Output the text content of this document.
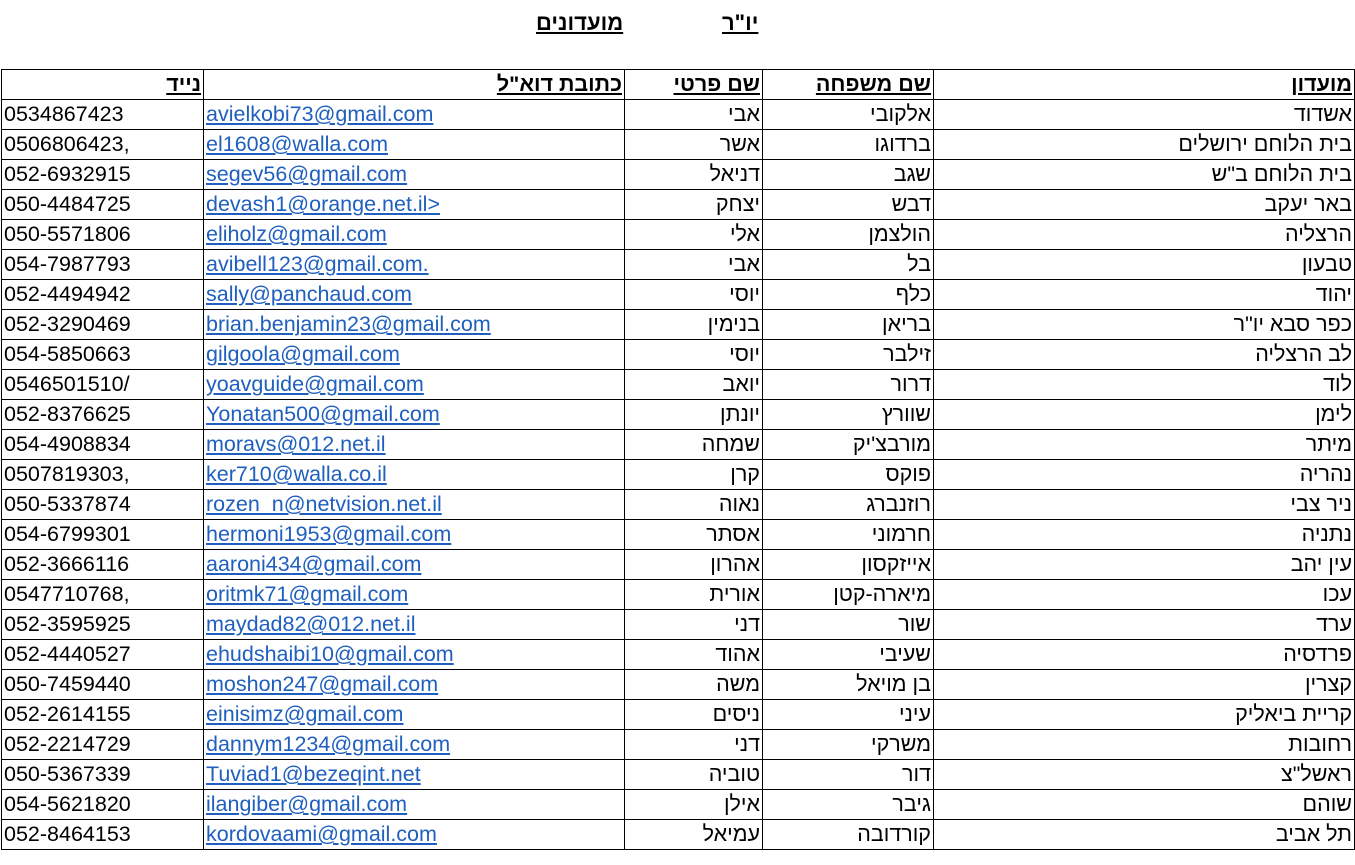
יו"ר
מועדונים
נייד	כתובת דוא"ל	שם פרטי	שם משפחה	מועדון
0534867423	avielkobi73@gmail.com	אבי	אלקובי	אשדוד
0506806423,	el1608@walla.com	אשר	ברדוגו	בית הלוחם ירושלים
052-6932915	segev56@gmail.com	דניאל	שגב	בית הלוחם ב"ש
050-4484725	devash1@orange.net.il>	יצחק	דבש	באר יעקב
050-5571806	eliholz@gmail.com	אלי	הולצמן	הרצליה
054-7987793	avibell123@gmail.com.	אבי	בל	טבעון
052-4494942	sally@panchaud.com	יוסי	כלף	יהוד
052-3290469	brian.benjamin23@gmail.com	בנימין	בריאן	כפר סבא יו"ר
054-5850663	gilgoola@gmail.com	יוסי	זילבר	לב הרצליה
0546501510/	yoavguide@gmail.com	יואב	דרור	לוד
052-8376625	Yonatan500@gmail.com	יונתן	שוורץ	לימן
054-4908834	moravs@012.net.il	שמחה	מורבצ'יק	מיתר
0507819303,	ker710@walla.co.il	קרן	פוקס	נהריה
050-5337874	rozen_n@netvision.net.il	נאוה	רוזנברג	ניר צבי
054-6799301	hermoni1953@gmail.com	אסתר	חרמוני	נתניה
052-3666116	aaroni434@gmail.com	אהרון	אייזקסון	עין יהב
0547710768,	oritmk71@gmail.com	אורית	מיארה-קטן	עכו
052-3595925	maydad82@012.net.il	דני	שור	ערד
052-4440527	ehudshaibi10@gmail.com	אהוד	שעיבי	פרדסיה
050-7459440	moshon247@gmail.com	משה	בן מויאל	קצרין
052-2614155	einisimz@gmail.com	ניסים	עיני	קריית ביאליק
052-2214729	dannym1234@gmail.com	דני	משרקי	רחובות
050-5367339	Tuviad1@bezeqint.net	טוביה	דור	ראשל"צ
054-5621820	ilangiber@gmail.com	אילן	גיבר	שוהם
052-8464153	kordovaami@gmail.com	עמיאל	קורדובה	תל אביב
